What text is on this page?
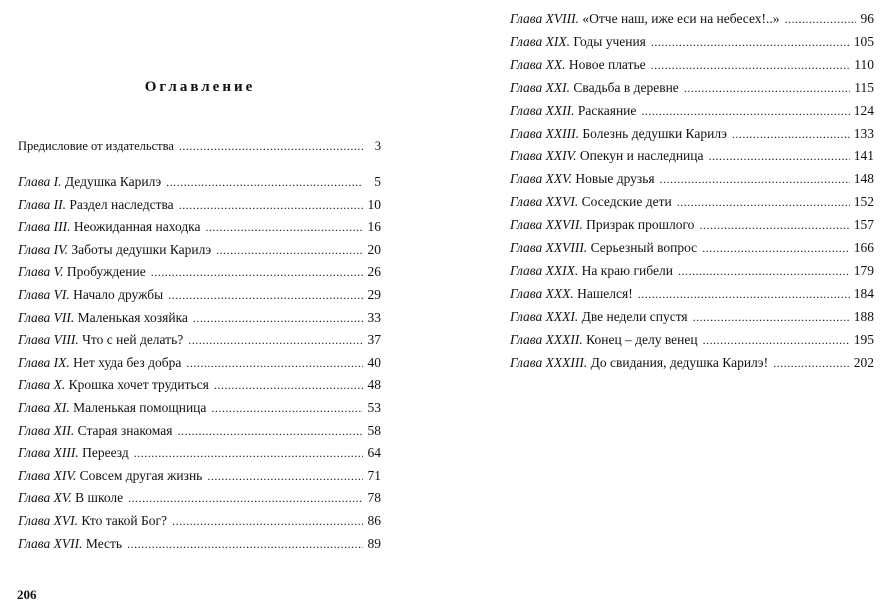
Оглавление
Предисловие от издательства .....	3
Глава I. Дедушка Карилэ .....	5
Глава II. Раздел наследства .....	10
Глава III. Неожиданная находка .....	16
Глава IV. Заботы дедушки Карилэ .....	20
Глава V. Пробуждение .....	26
Глава VI. Начало дружбы .....	29
Глава VII. Маленькая хозяйка .....	33
Глава VIII. Что с ней делать? .....	37
Глава IX. Нет худа без добра .....	40
Глава X. Крошка хочет трудиться .....	48
Глава XI. Маленькая помощница .....	53
Глава XII. Старая знакомая .....	58
Глава XIII. Переезд .....	64
Глава XIV. Совсем другая жизнь .....	71
Глава XV. В школе .....	78
Глава XVI. Кто такой Бог? .....	86
Глава XVII. Месть .....	89
206
Глава XVIII. «Отче наш, иже еси на небесех!..» .....	96
Глава XIX. Годы учения .....	105
Глава XX. Новое платье .....	110
Глава XXI. Свадьба в деревне .....	115
Глава XXII. Раскаяние .....	124
Глава XXIII. Болезнь дедушки Карилэ .....	133
Глава XXIV. Опекун и наследница .....	141
Глава XXV. Новые друзья .....	148
Глава XXVI. Соседские дети .....	152
Глава XXVII. Призрак прошлого .....	157
Глава XXVIII. Серьезный вопрос .....	166
Глава XXIX. На краю гибели .....	179
Глава XXX. Нашелся! .....	184
Глава XXXI. Две недели спустя .....	188
Глава XXXII. Конец – делу венец .....	195
Глава XXXIII. До свидания, дедушка Карилэ! .....	202
